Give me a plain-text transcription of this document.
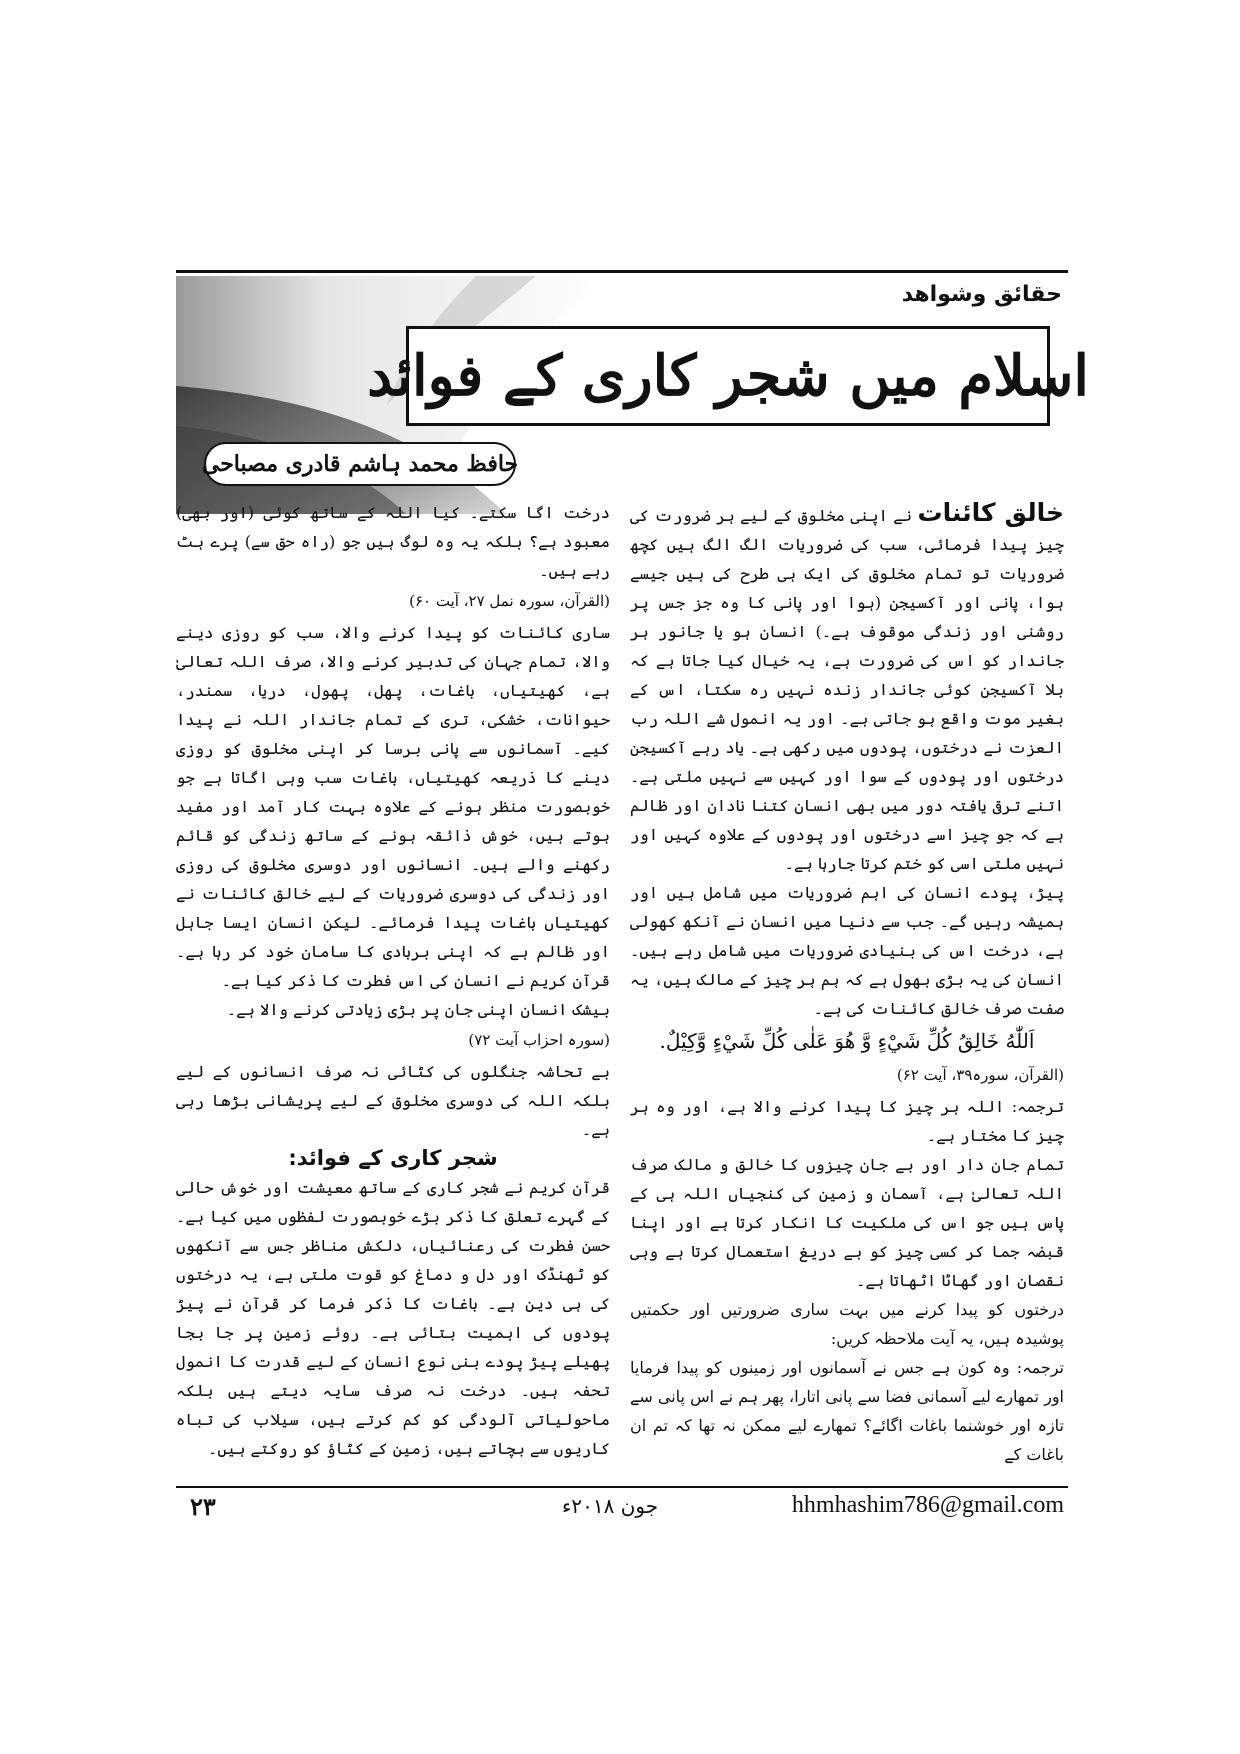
حقائق وشواهد
اسلام میں شجر کاری کے فوائد
حافظ محمد ہاشم قادری مصباحی

خالق کائنات نے اپنی مخلوق کے لیے ہر ضرورت کی چیز پیدا فرمائی، سب کی ضروریات الگ الگ ہیں کچھ ضروریات تو تمام مخلوق کی ایک ہی طرح کی ہیں جیسے ہوا، پانی اور آکسیجن (ہوا اور پانی کا وہ جز جس پر روشنی اور زندگی موقوف ہے۔) انسان ہو یا جانور ہر جاندار کو اس کی ضرورت ہے، یہ خیال کیا جاتا ہے کہ بلا آکسیجن کوئی جاندار زندہ نہیں رہ سکتا، اس کے بغیر موت واقع ہو جاتی ہے۔ اور یہ انمول شے اللہ رب العزت نے درختوں، پودوں میں رکھی ہے۔ یاد رہے آکسیجن درختوں اور پودوں کے سوا اور کہیں سے نہیں ملتی ہے۔ اتنے ترقی یافتہ دور میں بھی انسان کتنا نادان اور ظالم ہے کہ جو چیز اسے درختوں اور پودوں کے علاوہ کہیں اور نہیں ملتی اسی کو ختم کرتا جارہا ہے۔

پیڑ، پودے انسان کی اہم ضروریات میں شامل ہیں اور ہمیشہ رہیں گے۔ جب سے دنیا میں انسان نے آنکھ کھولی ہے، درخت اس کی بنیادی ضروریات میں شامل رہے ہیں۔ انسان کی یہ بڑی بھول ہے کہ ہم ہر چیز کے مالک ہیں، یہ صفت صرف خالق کائنات کی ہے۔

اَللّٰهُ خَالِقُ كُلِّ شَيْءٍ وَّ هُوَ عَلٰى كُلِّ شَيْءٍ وَّكِيْلٌ.

(القرآن، سورہ۳۹، آیت ۶۲)

ترجمہ: اللہ ہر چیز کا پیدا کرنے والا ہے، اور وہ ہر چیز کا مختار ہے۔

تمام جان دار اور بے جان چیزوں کا خالق و مالک صرف اللہ تعالیٰ ہے، آسمان و زمین کی کنجیاں اللہ ہی کے پاس ہیں جو اس کی ملکیت کا انکار کرتا ہے اور اپنا قبضہ جما کر کسی چیز کو بے دریغ استعمال کرتا ہے وہی نقصان اور گھاٹا اٹھاتا ہے۔

درختوں کو پیدا کرنے میں بہت ساری ضرورتیں اور حکمتیں پوشیدہ ہیں، یہ آیت ملاحظہ کریں:

ترجمہ: وہ کون ہے جس نے آسمانوں اور زمینوں کو پیدا فرمایا اور تمھارے لیے آسمانی فضا سے پانی اتارا، پھر ہم نے اس پانی سے تازہ اور خوشنما باغات اگائے؟ تمھارے لیے ممکن نہ تھا کہ تم ان باغات کے

درخت اگا سکتے۔ کیا اللہ کے ساتھ کوئی (اور بھی) معبود ہے؟ بلکہ یہ وہ لوگ ہیں جو (راہ حق سے) پرے ہٹ رہے ہیں۔

(القرآن، سورہ نمل ۲۷، آیت ۶۰)

ساری کائنات کو پیدا کرنے والا، سب کو روزی دینے والا، تمام جہان کی تدبیر کرنے والا، صرف اللہ تعالیٰ ہے، کھیتیاں، باغات، پھل، پھول، دریا، سمندر، حیوانات، خشکی، تری کے تمام جاندار اللہ نے پیدا کیے۔ آسمانوں سے پانی برسا کر اپنی مخلوق کو روزی دینے کا ذریعہ کھیتیاں، باغات سب وہی اگاتا ہے جو خوبصورت منظر ہونے کے علاوہ بہت کار آمد اور مفید ہوتے ہیں، خوش ذائقہ ہونے کے ساتھ زندگی کو قائم رکھنے والے ہیں۔ انسانوں اور دوسری مخلوق کی روزی اور زندگی کی دوسری ضروریات کے لیے خالق کائنات نے کھیتیاں باغات پیدا فرمائے۔ لیکن انسان ایسا جاہل اور ظالم ہے کہ اپنی بربادی کا سامان خود کر رہا ہے۔ قرآن کریم نے انسان کی اس فطرت کا ذکر کیا ہے۔

بیشک انسان اپنی جان پر بڑی زیادتی کرنے والا ہے۔

(سورہ احزاب آیت ۷۲)

بے تحاشہ جنگلوں کی کٹائی نہ صرف انسانوں کے لیے بلکہ اللہ کی دوسری مخلوق کے لیے پریشانی بڑھا رہی ہے۔

شجر کاری کے فوائد:

قرآن کریم نے شجر کاری کے ساتھ معیشت اور خوش حالی کے گہرے تعلق کا ذکر بڑے خوبصورت لفظوں میں کیا ہے۔ حسن فطرت کی رعنائیاں، دلکش مناظر جس سے آنکھوں کو ٹھنڈک اور دل و دماغ کو قوت ملتی ہے، یہ درختوں کی ہی دین ہے۔ باغات کا ذکر فرما کر قرآن نے پیڑ پودوں کی اہمیت بتائی ہے۔ روئے زمین پر جا بجا پھیلے پیڑ پودے بنی نوع انسان کے لیے قدرت کا انمول تحفہ ہیں۔ درخت نہ صرف سایہ دیتے ہیں بلکہ ماحولیاتی آلودگی کو کم کرتے ہیں، سیلاب کی تباہ کاریوں سے بچاتے ہیں، زمین کے کٹاؤ کو روکتے ہیں۔

hhmhashim786@gmail.com
جون ۲۰۱۸ء
۲۳
